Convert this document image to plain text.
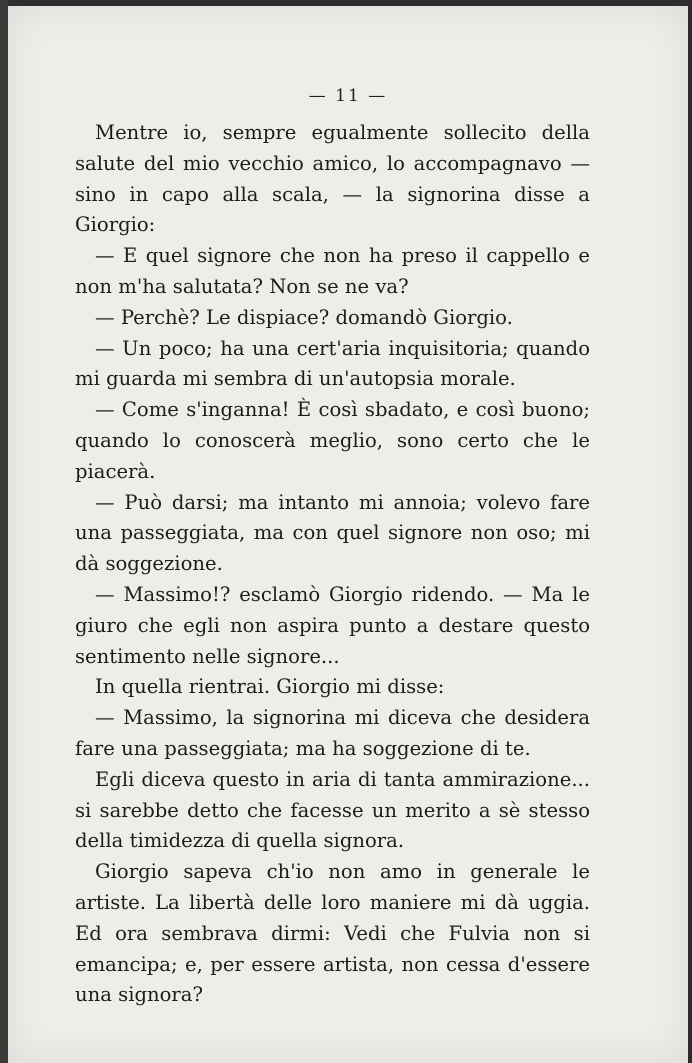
— 11 —

Mentre io, sempre egualmente sollecito della salute del mio vecchio amico, lo accompagnavo — sino in capo alla scala, — la signorina disse a Giorgio:

— E quel signore che non ha preso il cappello e non m'ha salutata? Non se ne va?

— Perchè? Le dispiace? domandò Giorgio.

— Un poco; ha una cert'aria inquisitoria; quando mi guarda mi sembra di un'autopsia morale.

— Come s'inganna! È così sbadato, e così buono; quando lo conoscerà meglio, sono certo che le piacerà.

— Può darsi; ma intanto mi annoia; volevo fare una passeggiata, ma con quel signore non oso; mi dà soggezione.

— Massimo!? esclamò Giorgio ridendo. — Ma le giuro che egli non aspira punto a destare questo sentimento nelle signore...

In quella rientrai. Giorgio mi disse:

— Massimo, la signorina mi diceva che desidera fare una passeggiata; ma ha soggezione di te.

Egli diceva questo in aria di tanta ammirazione... si sarebbe detto che facesse un merito a sè stesso della timidezza di quella signora.

Giorgio sapeva ch'io non amo in generale le artiste. La libertà delle loro maniere mi dà uggia. Ed ora sembrava dirmi: Vedi che Fulvia non si emancipa; e, per essere artista, non cessa d'essere una signora?
